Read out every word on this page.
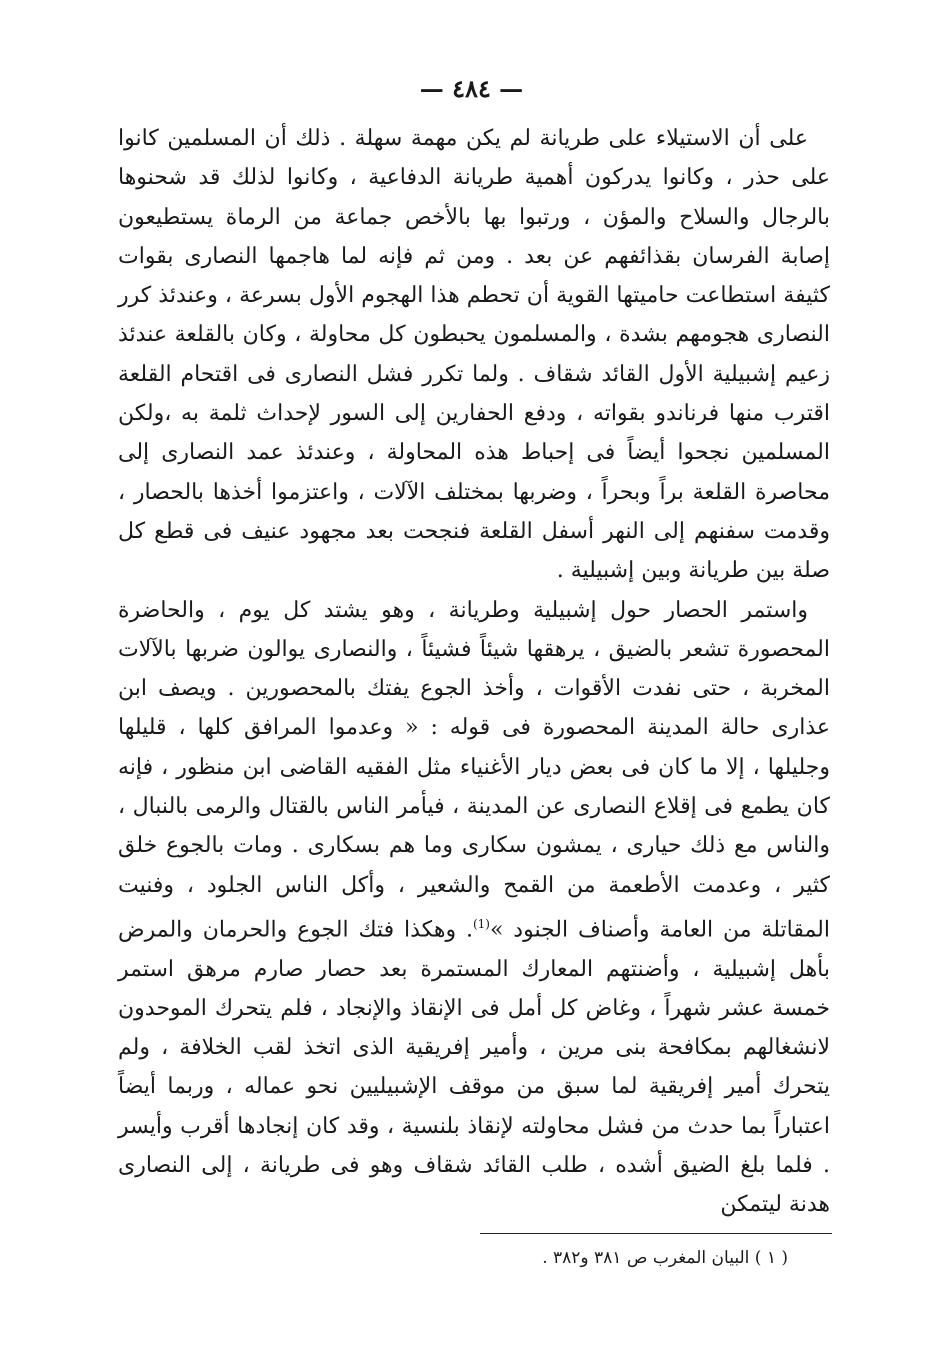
— ٤٨٤ —

على أن الاستيلاء على طريانة لم يكن مهمة سهلة . ذلك أن المسلمين كانوا على حذر ، وكانوا يدركون أهمية طريانة الدفاعية ، وكانوا لذلك قد شحنوها بالرجال والسلاح والمؤن ، ورتبوا بها بالأخص جماعة من الرماة يستطيعون إصابة الفرسان بقذائفهم عن بعد . ومن ثم فإنه لما هاجمها النصارى بقوات كثيفة استطاعت حاميتها القوية أن تحطم هذا الهجوم الأول بسرعة ، وعندئذ كرر النصارى هجومهم بشدة ، والمسلمون يحبطون كل محاولة ، وكان بالقلعة عندئذ زعيم إشبيلية الأول القائد شقاف . ولما تكرر فشل النصارى فى اقتحام القلعة اقترب منها فرناندو بقواته ، ودفع الحفارين إلى السور لإحداث ثلمة به ،ولكن المسلمين نجحوا أيضاً فى إحباط هذه المحاولة ، وعندئذ عمد النصارى إلى محاصرة القلعة براً وبحراً ، وضربها بمختلف الآلات ، واعتزموا أخذها بالحصار ، وقدمت سفنهم إلى النهر أسفل القلعة فنجحت بعد مجهود عنيف فى قطع كل صلة بين طريانة وبين إشبيلية .

واستمر الحصار حول إشبيلية وطريانة ، وهو يشتد كل يوم ، والحاضرة المحصورة تشعر بالضيق ، يرهقها شيئاً فشيئاً ، والنصارى يوالون ضربها بالآلات المخربة ، حتى نفدت الأقوات ، وأخذ الجوع يفتك بالمحصورين . ويصف ابن عذارى حالة المدينة المحصورة فى قوله : « وعدموا المرافق كلها ، قليلها وجليلها ، إلا ما كان فى بعض ديار الأغنياء مثل الفقيه القاضى ابن منظور ، فإنه كان يطمع فى إقلاع النصارى عن المدينة ، فيأمر الناس بالقتال والرمى بالنبال ، والناس مع ذلك حيارى ، يمشون سكارى وما هم بسكارى . ومات بالجوع خلق كثير ، وعدمت الأطعمة من القمح والشعير ، وأكل الناس الجلود ، وفنيت المقاتلة من العامة وأصناف الجنود »$^{(1)}$. وهكذا فتك الجوع والحرمان والمرض بأهل إشبيلية ، وأضنتهم المعارك المستمرة بعد حصار صارم مرهق استمر خمسة عشر شهراً ، وغاض كل أمل فى الإنقاذ والإنجاد ، فلم يتحرك الموحدون لانشغالهم بمكافحة بنى مرين ، وأمير إفريقية الذى اتخذ لقب الخلافة ، ولم يتحرك أمير إفريقية لما سبق من موقف الإشبيليين نحو عماله ، وربما أيضاً اعتباراً بما حدث من فشل محاولته لإنقاذ بلنسية ، وقد كان إنجادها أقرب وأيسر . فلما بلغ الضيق أشده ، طلب القائد شقاف وهو فى طريانة ، إلى النصارى هدنة ليتمكن

( ١ ) البيان المغرب ص ٣٨١ و٣٨٢ .
